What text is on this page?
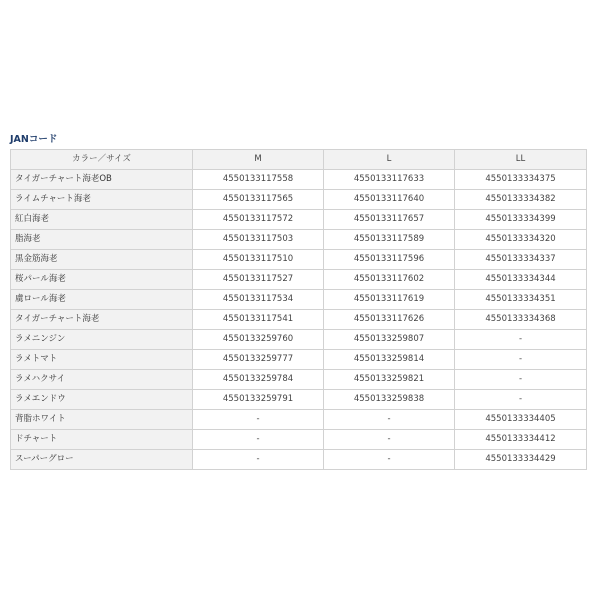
JANコード
カラー／サイズ	M	L	LL
タイガーチャート海老OB	4550133117558	4550133117633	4550133334375
ライムチャート海老	4550133117565	4550133117640	4550133334382
紅白海老	4550133117572	4550133117657	4550133334399
脂海老	4550133117503	4550133117589	4550133334320
黒金筋海老	4550133117510	4550133117596	4550133334337
桜パール海老	4550133117527	4550133117602	4550133334344
虜ロール海老	4550133117534	4550133117619	4550133334351
タイガーチャート海老	4550133117541	4550133117626	4550133334368
ラメニンジン	4550133259760	4550133259807	-
ラメトマト	4550133259777	4550133259814	-
ラメハクサイ	4550133259784	4550133259821	-
ラメエンドウ	4550133259791	4550133259838	-
背脂ホワイト	-	-	4550133334405
ドチャート	-	-	4550133334412
スーパーグロー	-	-	4550133334429
